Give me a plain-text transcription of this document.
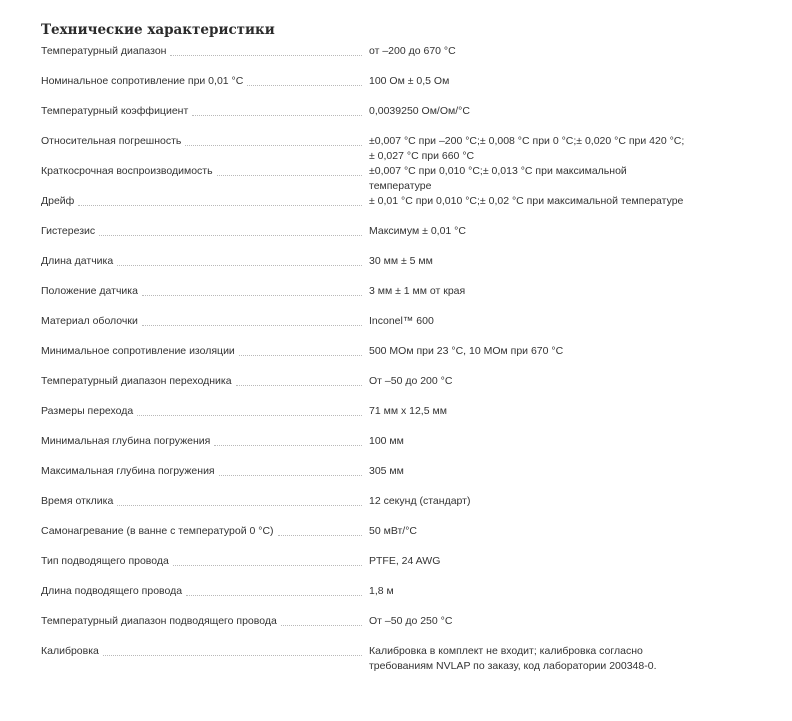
Технические характеристики
Температурный диапазон	от –200 до 670 °C
Номинальное сопротивление при 0,01 °C	100 Ом ± 0,5 Ом
Температурный коэффициент	0,0039250 Ом/Ом/°C
Относительная погрешность	±0,007 °C при –200 °C;± 0,008 °C при 0 °C;± 0,020 °C при 420 °C;
± 0,027 °C при 660 °C
Краткосрочная воспроизводимость	±0,007 °C при 0,010 °C;± 0,013 °C при максимальной
температуре
Дрейф	± 0,01 °C при 0,010 °C;± 0,02 °C при максимальной температуре
Гистерезис	Максимум ± 0,01 °C
Длина датчика	30 мм ± 5 мм
Положение датчика	3 мм ± 1 мм от края
Материал оболочки	Inconel™ 600
Минимальное сопротивление изоляции	500 МОм при 23 °C, 10 МОм при 670 °C
Температурный диапазон переходника	От –50 до 200 °C
Размеры перехода	71 мм x 12,5 мм
Минимальная глубина погружения	100 мм
Максимальная глубина погружения	305 мм
Время отклика	12 секунд (стандарт)
Самонагревание (в ванне с температурой 0 °C)	50 мВт/°C
Тип подводящего провода	PTFE, 24 AWG
Длина подводящего провода	1,8 м
Температурный диапазон подводящего провода	От –50 до 250 °C
Калибровка	Калибровка в комплект не входит; калибровка согласно
требованиям NVLAP по заказу, код лаборатории 200348-0.
